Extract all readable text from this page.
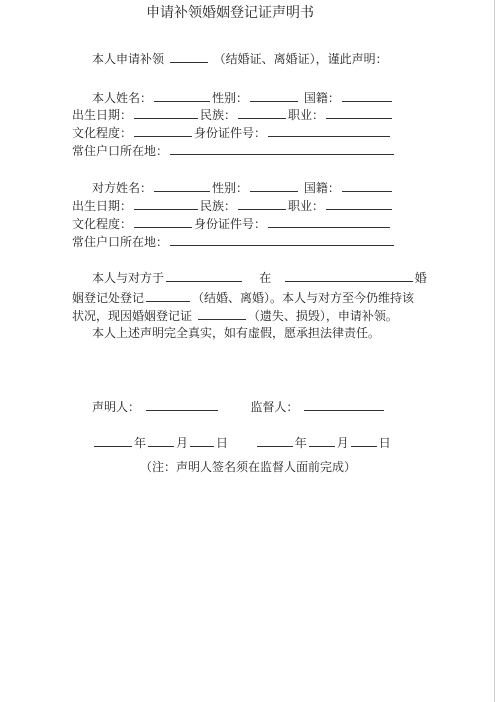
申请补领婚姻登记证声明书
本人申请补领	（结婚证、离婚证），谨此声明：
本人姓名：	性别：	国籍：
出生日期：	民族：	职业：
文化程度：	身份证件号：
常住户口所在地：
对方姓名：	性别：	国籍：
出生日期：	民族：	职业：
文化程度：	身份证件号：
常住户口所在地：
本人与对方于	在	婚
姻登记处登记	（结婚、离婚）。本人与对方至今仍维持该
状况，现因婚姻登记证	（遗失、损毁），申请补领。
本人上述声明完全真实，如有虚假，愿承担法律责任。
声明人：	监督人：
年	月 日	年	月	日
（注：声明人签名须在监督人面前完成）
